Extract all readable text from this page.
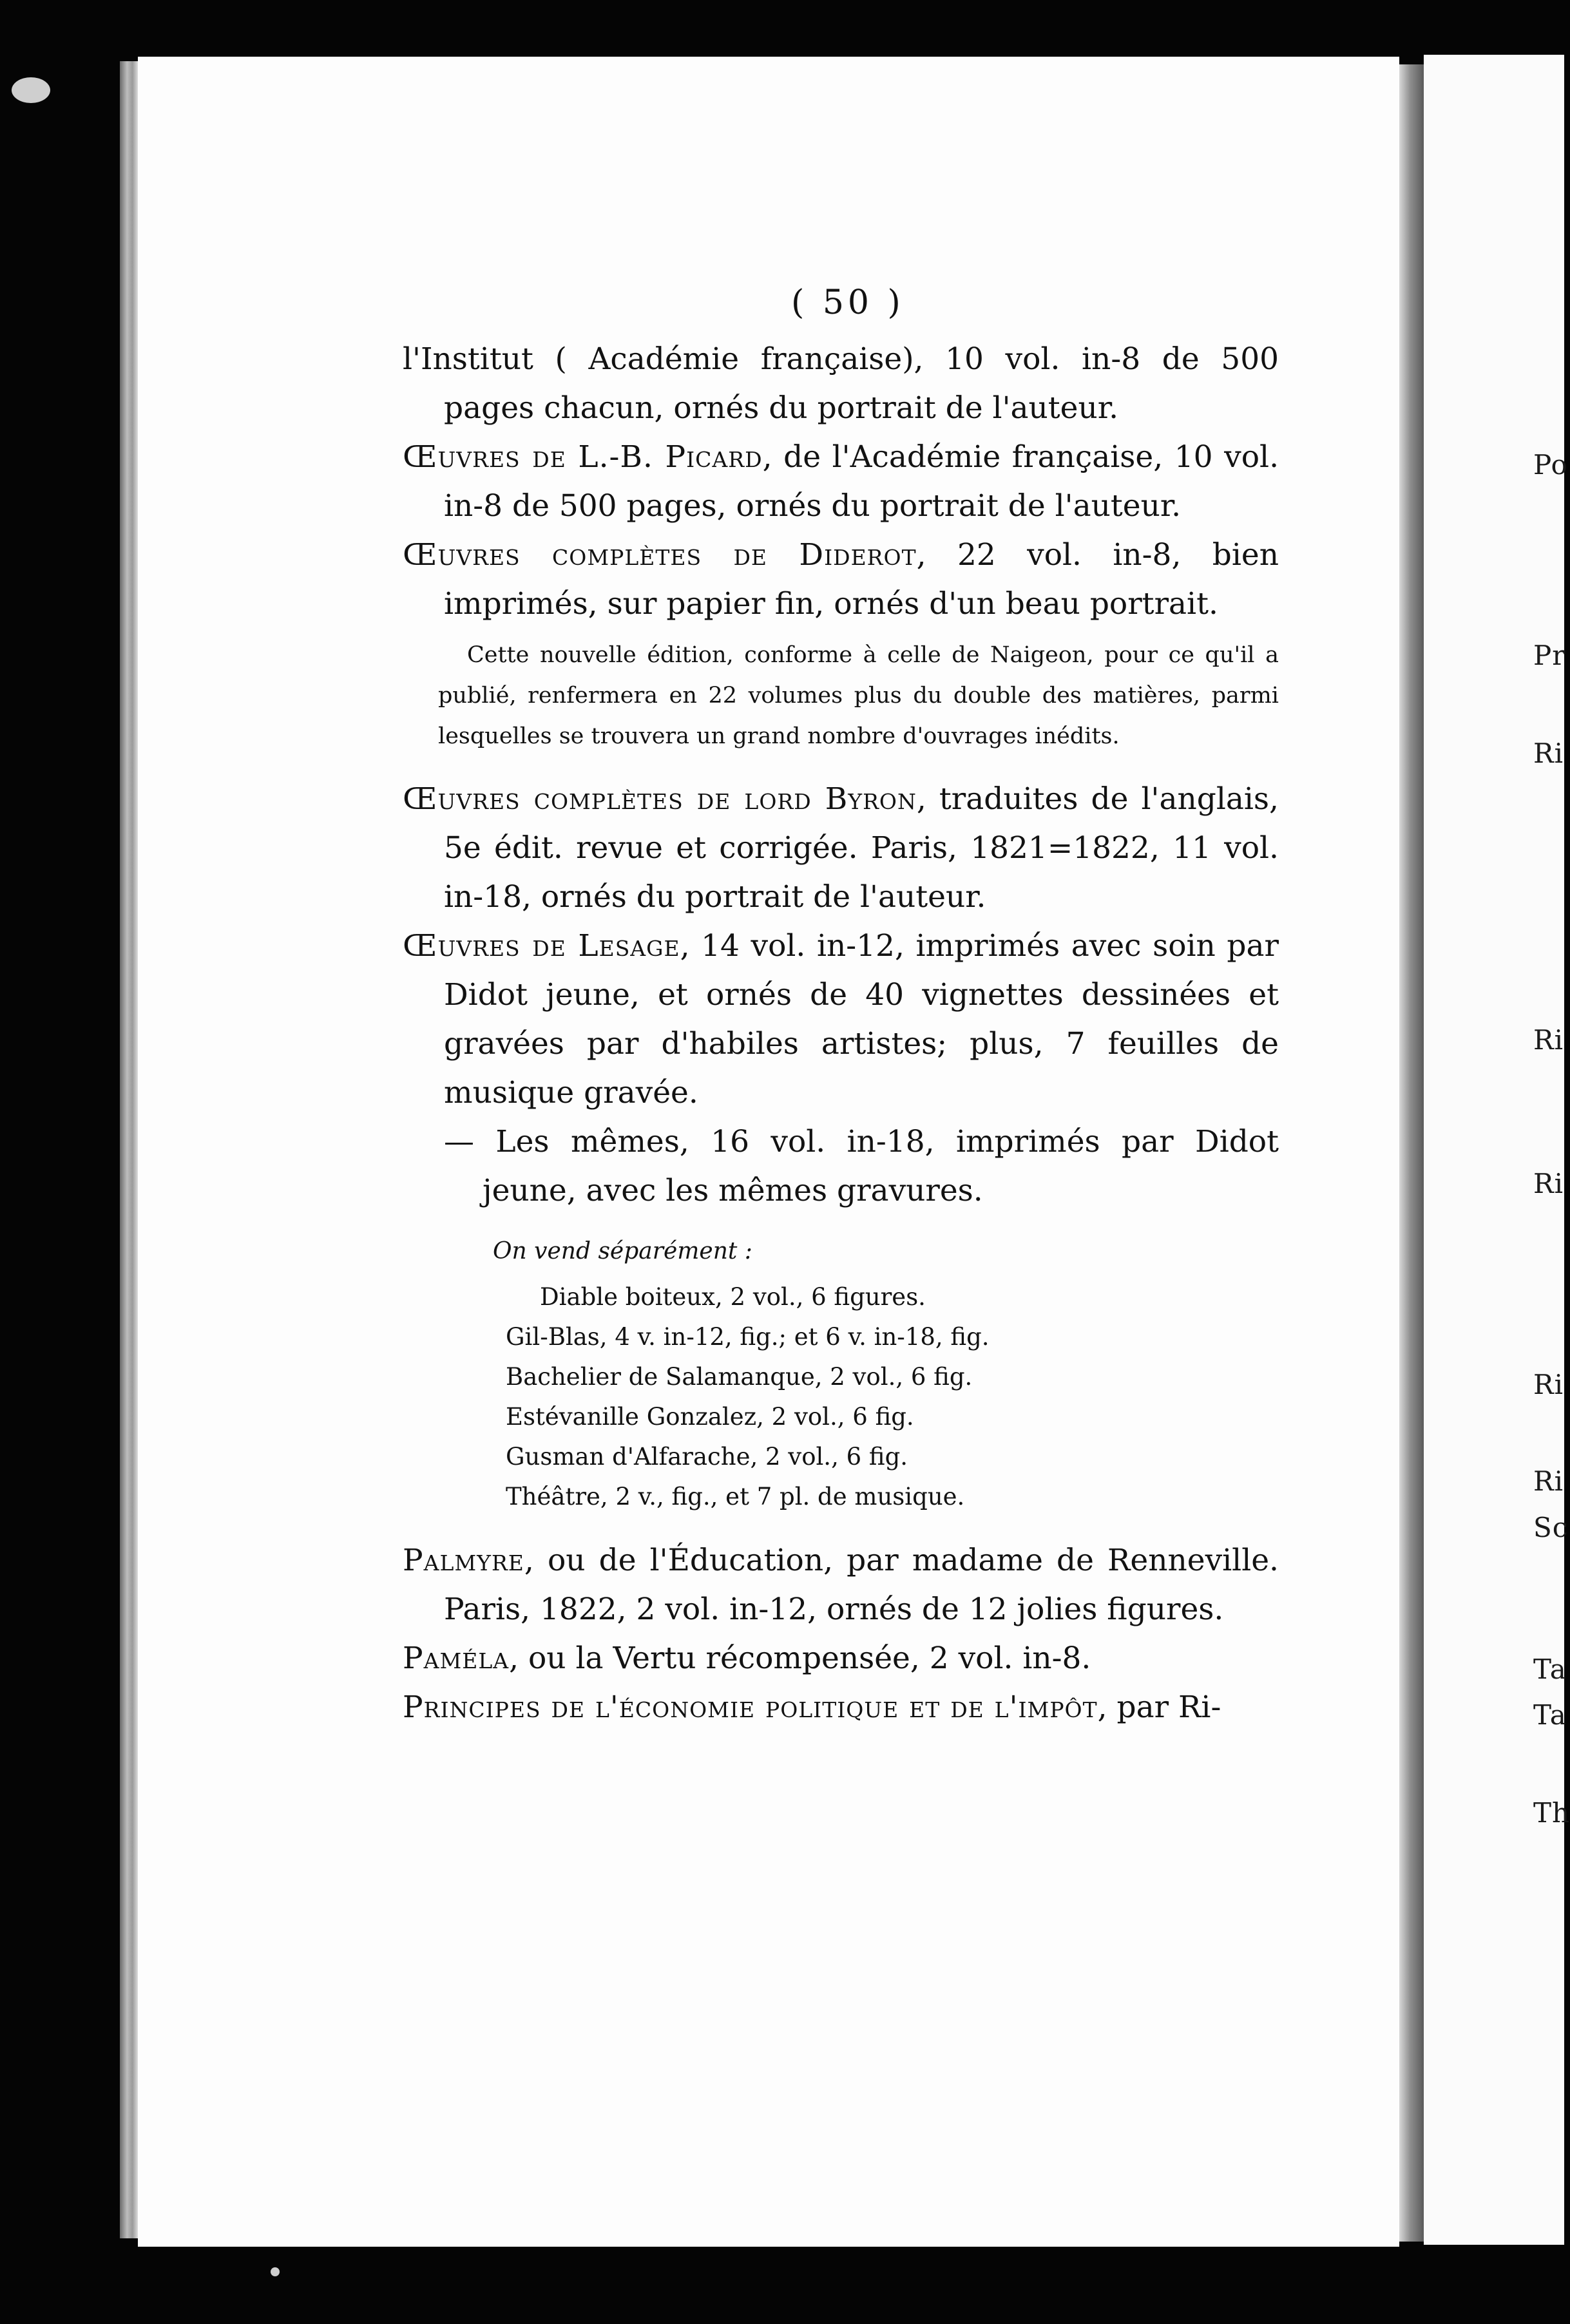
Po
Pr
Ri
Ri
Ri
Ri
Ri
Sc
Ta
Ta
Th
( 50 )

l'Institut ( Académie française), 10 vol. in-8 de 500 pages chacun, ornés du portrait de l'auteur.

Œuvres de L.-B. Picard, de l'Académie française, 10 vol. in-8 de 500 pages, ornés du portrait de l'auteur.

Œuvres complètes de Diderot, 22 vol. in-8, bien imprimés, sur papier fin, ornés d'un beau portrait.

Cette nouvelle édition, conforme à celle de Naigeon, pour ce qu'il a publié, renfermera en 22 volumes plus du double des matières, parmi lesquelles se trouvera un grand nombre d'ouvrages inédits.

Œuvres complètes de lord Byron, traduites de l'anglais, 5e édit. revue et corrigée. Paris, 1821=1822, 11 vol. in-18, ornés du portrait de l'auteur.

Œuvres de Lesage, 14 vol. in-12, imprimés avec soin par Didot jeune, et ornés de 40 vignettes dessinées et gravées par d'habiles artistes; plus, 7 feuilles de musique gravée.

— Les mêmes, 16 vol. in-18, imprimés par Didot jeune, avec les mêmes gravures.

On vend séparément :

Diable boiteux, 2 vol., 6 figures.
Gil-Blas, 4 v. in-12, fig.; et 6 v. in-18, fig.
Bachelier de Salamanque, 2 vol., 6 fig.
Estévanille Gonzalez, 2 vol., 6 fig.
Gusman d'Alfarache, 2 vol., 6 fig.
Théâtre, 2 v., fig., et 7 pl. de musique.

Palmyre, ou de l'Éducation, par madame de Renneville. Paris, 1822, 2 vol. in-12, ornés de 12 jolies figures.

Paméla, ou la Vertu récompensée, 2 vol. in-8.

Principes de l'économie politique et de l'impôt, par Ri-
